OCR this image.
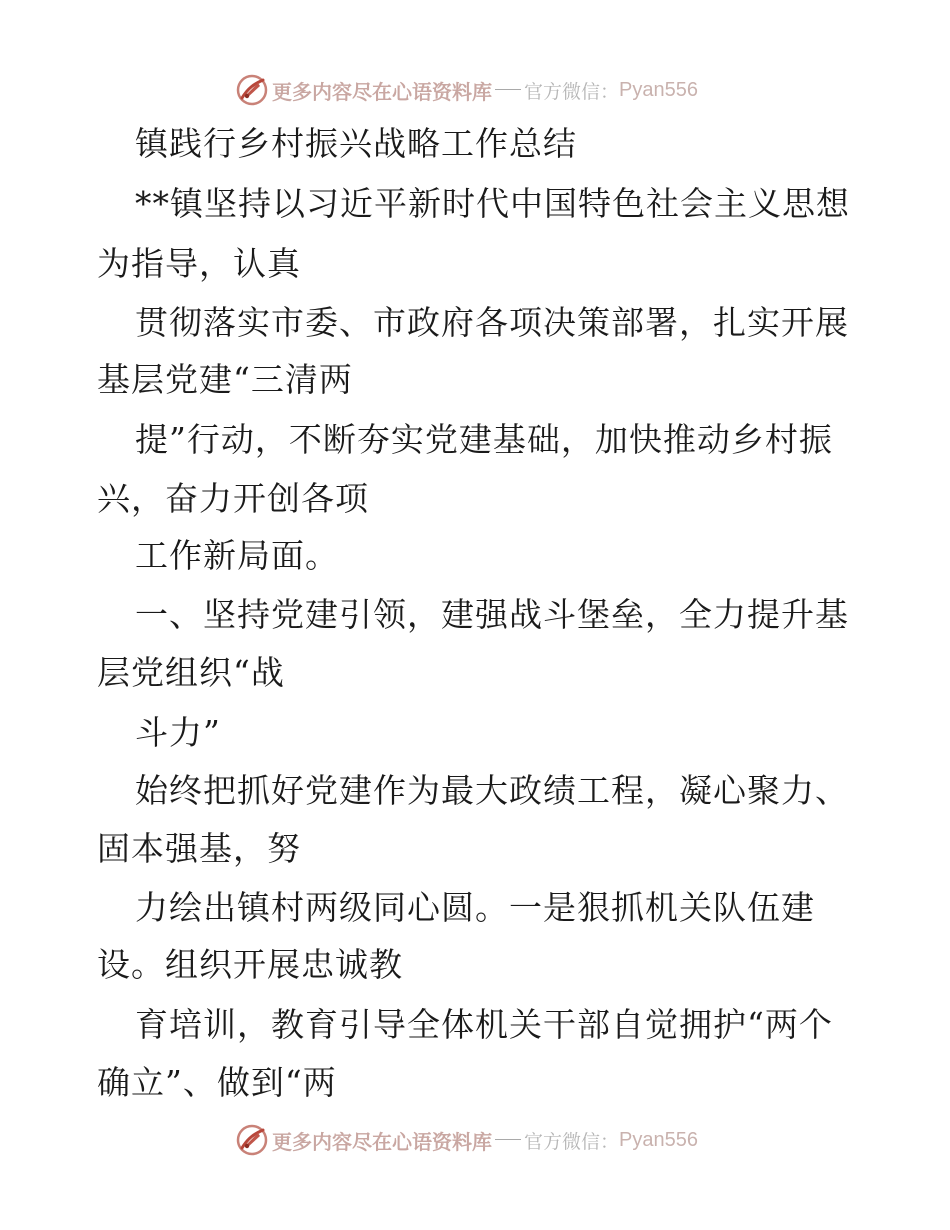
更多内容尽在心语资料库 官方微信： Pyan556
镇践行乡村振兴战略工作总结
**镇坚持以习近平新时代中国特色社会主义思想
为指导，认真
贯彻落实市委、市政府各项决策部署，扎实开展
基层党建“三清两
提”行动，不断夯实党建基础，加快推动乡村振
兴，奋力开创各项
工作新局面。
一、坚持党建引领，建强战斗堡垒，全力提升基
层党组织“战
斗力”
始终把抓好党建作为最大政绩工程，凝心聚力、
固本强基，努
力绘出镇村两级同心圆。一是狠抓机关队伍建
设。组织开展忠诚教
育培训，教育引导全体机关干部自觉拥护“两个
确立”、做到“两
更多内容尽在心语资料库 官方微信： Pyan556
